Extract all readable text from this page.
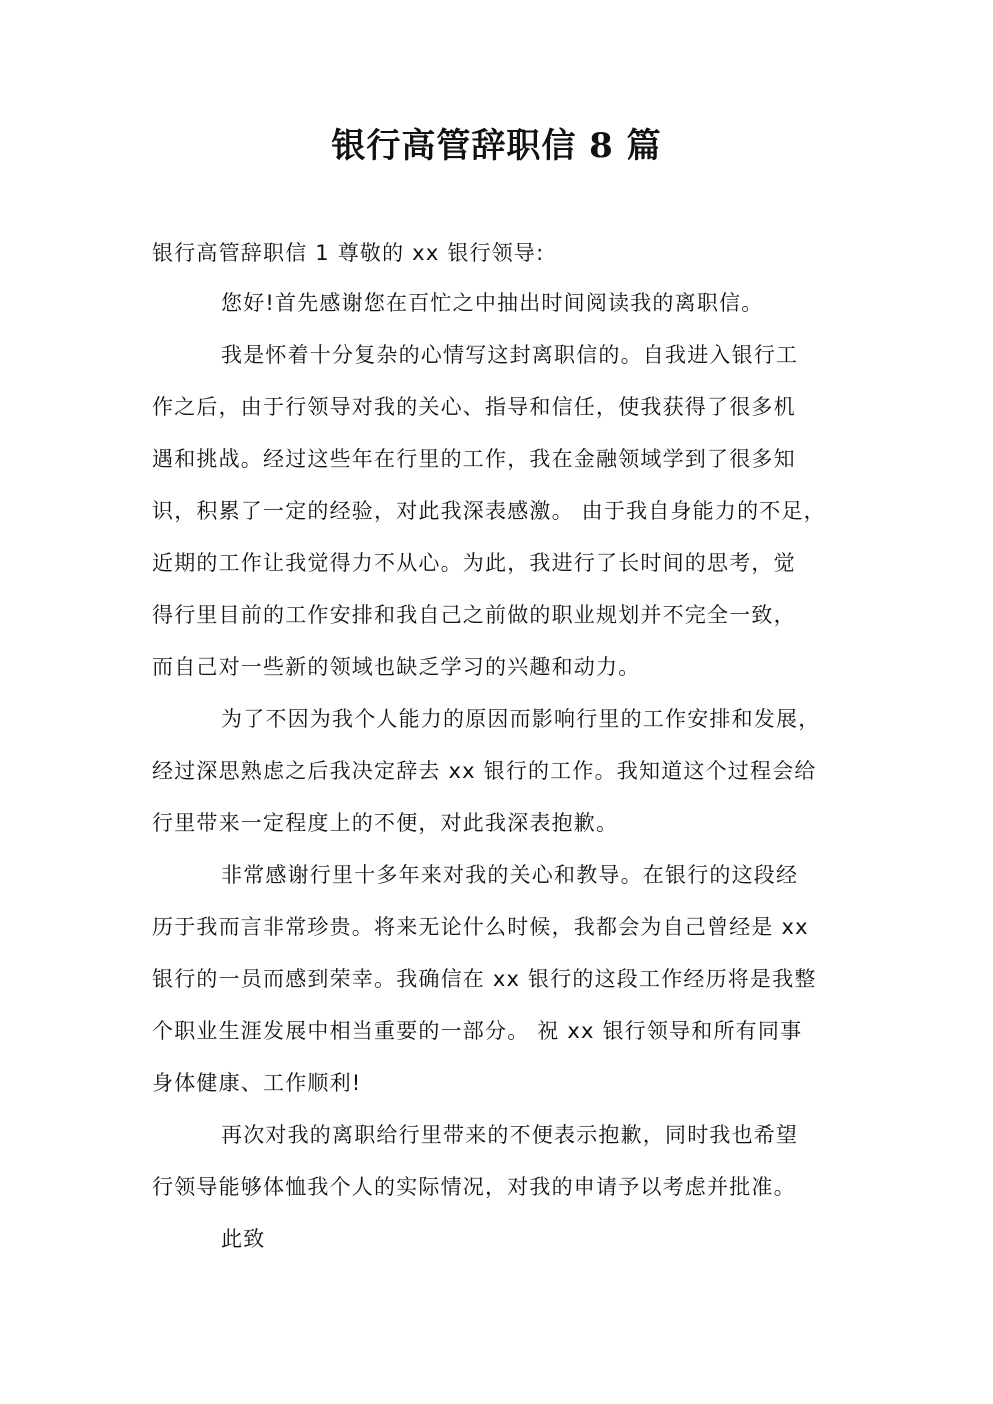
银行高管辞职信 8 篇
银行高管辞职信 1 尊敬的 xx 银行领导:
您好!首先感谢您在百忙之中抽出时间阅读我的离职信。
我是怀着十分复杂的心情写这封离职信的。自我进入银行工
作之后，由于行领导对我的关心、指导和信任，使我获得了很多机
遇和挑战。经过这些年在行里的工作，我在金融领域学到了很多知
识，积累了一定的经验，对此我深表感激。 由于我自身能力的不足，
近期的工作让我觉得力不从心。为此，我进行了长时间的思考，觉
得行里目前的工作安排和我自己之前做的职业规划并不完全一致，
而自己对一些新的领域也缺乏学习的兴趣和动力。
为了不因为我个人能力的原因而影响行里的工作安排和发展，
经过深思熟虑之后我决定辞去 xx 银行的工作。我知道这个过程会给
行里带来一定程度上的不便，对此我深表抱歉。
非常感谢行里十多年来对我的关心和教导。在银行的这段经
历于我而言非常珍贵。将来无论什么时候，我都会为自己曾经是 xx
银行的一员而感到荣幸。我确信在 xx 银行的这段工作经历将是我整
个职业生涯发展中相当重要的一部分。 祝 xx 银行领导和所有同事
身体健康、工作顺利!
再次对我的离职给行里带来的不便表示抱歉，同时我也希望
行领导能够体恤我个人的实际情况，对我的申请予以考虑并批准。
此致
